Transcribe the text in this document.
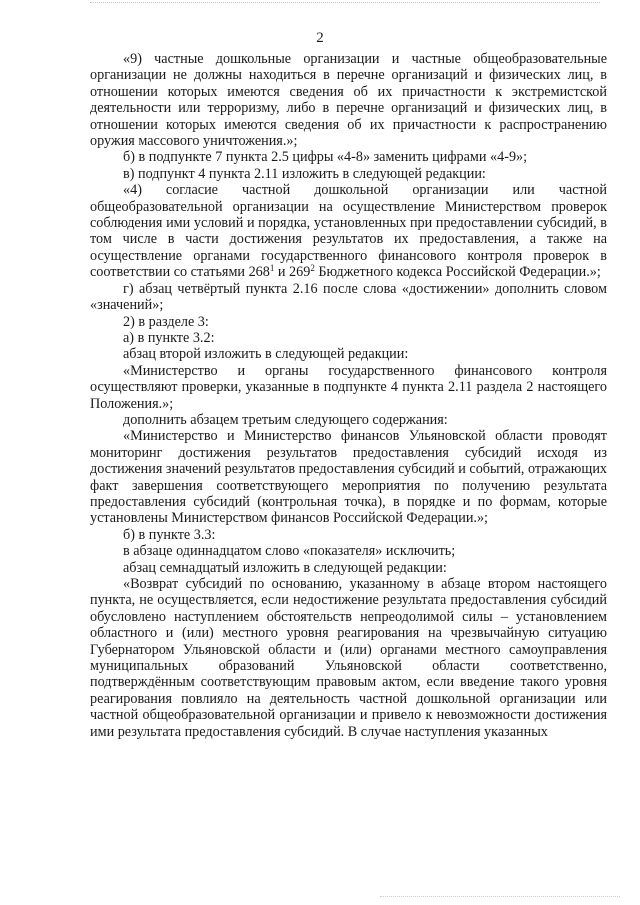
2

«9) частные дошкольные организации и частные общеобразовательные организации не должны находиться в перечне организаций и физических лиц, в отношении которых имеются сведения об их причастности к экстремистской деятельности или терроризму, либо в перечне организаций и физических лиц, в отношении которых имеются сведения об их причастности к распространению оружия массового уничтожения.»;

б) в подпункте 7 пункта 2.5 цифры «4-8» заменить цифрами «4-9»;

в) подпункт 4 пункта 2.11 изложить в следующей редакции:

«4) согласие частной дошкольной организации или частной общеобразовательной организации на осуществление Министерством проверок соблюдения ими условий и порядка, установленных при предоставлении субсидий, в том числе в части достижения результатов их предоставления, а также на осуществление органами государственного финансового контроля проверок в соответствии со статьями $268^1$ и $269^2$ Бюджетного кодекса Российской Федерации.»;

г) абзац четвёртый пункта 2.16 после слова «достижении» дополнить словом «значений»;

2) в разделе 3:

а) в пункте 3.2:

абзац второй изложить в следующей редакции:

«Министерство и органы государственного финансового контроля осуществляют проверки, указанные в подпункте 4 пункта 2.11 раздела 2 настоящего Положения.»;

дополнить абзацем третьим следующего содержания:

«Министерство и Министерство финансов Ульяновской области проводят мониторинг достижения результатов предоставления субсидий исходя из достижения значений результатов предоставления субсидий и событий, отражающих факт завершения соответствующего мероприятия по получению результата предоставления субсидий (контрольная точка), в порядке и по формам, которые установлены Министерством финансов Российской Федерации.»;

б) в пункте 3.3:

в абзаце одиннадцатом слово «показателя» исключить;

абзац семнадцатый изложить в следующей редакции:

«Возврат субсидий по основанию, указанному в абзаце втором настоящего пункта, не осуществляется, если недостижение результата предоставления субсидий обусловлено наступлением обстоятельств непреодолимой силы – установлением областного и (или) местного уровня реагирования на чрезвычайную ситуацию Губернатором Ульяновской области и (или) органами местного самоуправления муниципальных образований Ульяновской области соответственно, подтверждённым соответствующим правовым актом, если введение такого уровня реагирования повлияло на деятельность частной дошкольной организации или частной общеобразовательной организации и привело к невозможности достижения ими результата предоставления субсидий. В случае наступления указанных
